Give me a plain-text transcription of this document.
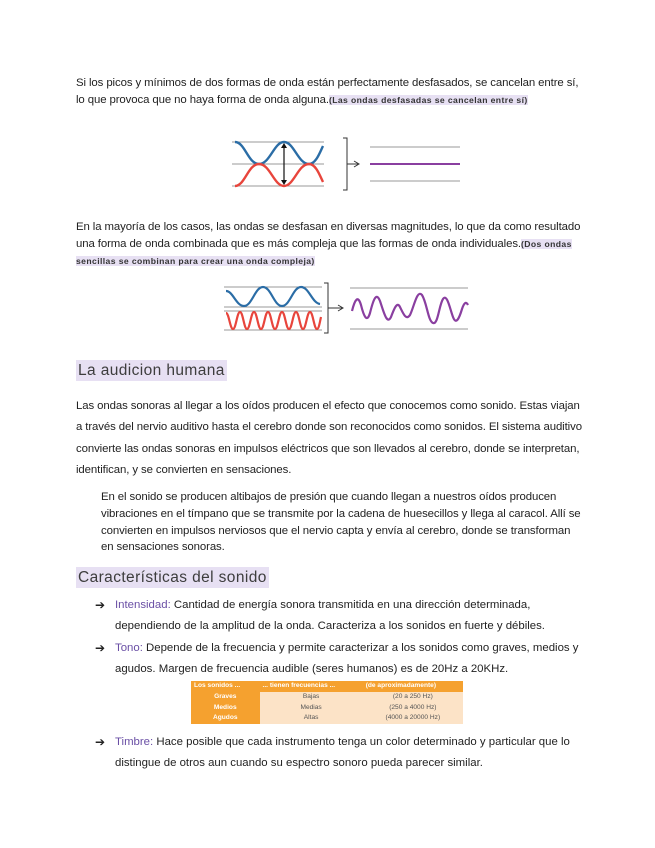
Si los picos y mínimos de dos formas de onda están perfectamente desfasados, se cancelan entre sí, lo que provoca que no haya forma de onda alguna.(Las ondas desfasadas se cancelan entre sí)
En la mayoría de los casos, las ondas se desfasan en diversas magnitudes, lo que da como resultado una forma de onda combinada que es más compleja que las formas de onda individuales.(Dos ondas sencillas se combinan para crear una onda compleja)
La audicion humana
Las ondas sonoras al llegar a los oídos producen el efecto que conocemos como sonido. Estas viajan a través del nervio auditivo hasta el cerebro donde son reconocidos como sonidos. El sistema auditivo convierte las ondas sonoras en impulsos eléctricos que son llevados al cerebro, donde se interpretan, identifican, y se convierten en sensaciones.
En el sonido se producen altibajos de presión que cuando llegan a nuestros oídos producen vibraciones en el tímpano que se transmite por la cadena de huesecillos y llega al caracol. Allí se convierten en impulsos nerviosos que el nervio capta y envía al cerebro, donde se transforman en sensaciones sonoras.
Características del sonido
➔ Intensidad: Cantidad de energía sonora transmitida en una dirección determinada, dependiendo de la amplitud de la onda. Caracteriza a los sonidos en fuerte y débiles.
➔ Tono: Depende de la frecuencia y permite caracterizar a los sonidos como graves, medios y agudos. Margen de frecuencia audible (seres humanos) es de 20Hz a 20KHz.
Los sonidos ...	... tienen frecuencias ...	(de aproximadamente)
Graves	Bajas	(20 a 250 Hz)
Medios	Medias	(250 a 4000 Hz)
Agudos	Altas	(4000 a 20000 Hz)
➔ Timbre: Hace posible que cada instrumento tenga un color determinado y particular que lo distingue de otros aun cuando su espectro sonoro pueda parecer similar.
